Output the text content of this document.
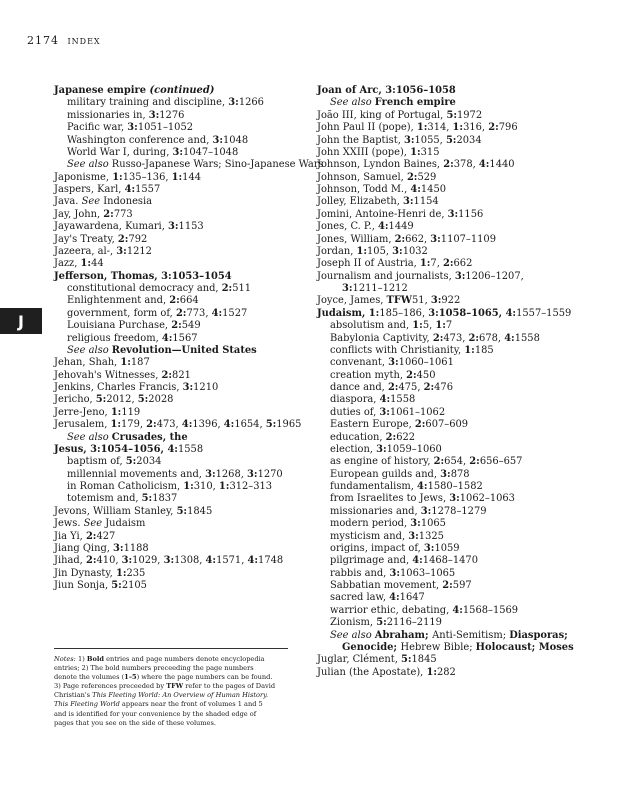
2174 INDEX
J
Japanese empire (continued)
military training and discipline, 3:1266
missionaries in, 3:1276
Pacific war, 3:1051–1052
Washington conference and, 3:1048
World War I, during, 3:1047–1048
See also Russo-Japanese Wars; Sino-Japanese Wars
Japonisme, 1:135–136, 1:144
Jaspers, Karl, 4:1557
Java. See Indonesia
Jay, John, 2:773
Jayawardena, Kumari, 3:1153
Jay's Treaty, 2:792
Jazeera, al-, 3:1212
Jazz, 1:44
Jefferson, Thomas, 3:1053–1054
constitutional democracy and, 2:511
Enlightenment and, 2:664
government, form of, 2:773, 4:1527
Louisiana Purchase, 2:549
religious freedom, 4:1567
See also Revolution—United States
Jehan, Shah, 1:187
Jehovah's Witnesses, 2:821
Jenkins, Charles Francis, 3:1210
Jericho, 5:2012, 5:2028
Jerre-Jeno, 1:119
Jerusalem, 1:179, 2:473, 4:1396, 4:1654, 5:1965
See also Crusades, the
Jesus, 3:1054–1056, 4:1558
baptism of, 5:2034
millennial movements and, 3:1268, 3:1270
in Roman Catholicism, 1:310, 1:312–313
totemism and, 5:1837
Jevons, William Stanley, 5:1845
Jews. See Judaism
Jia Yi, 2:427
Jiang Qing, 3:1188
Jihad, 2:410, 3:1029, 3:1308, 4:1571, 4:1748
Jin Dynasty, 1:235
Jiun Sonja, 5:2105
Joan of Arc, 3:1056–1058
See also French empire
João III, king of Portugal, 5:1972
John Paul II (pope), 1:314, 1:316, 2:796
John the Baptist, 3:1055, 5:2034
John XXIII (pope), 1:315
Johnson, Lyndon Baines, 2:378, 4:1440
Johnson, Samuel, 2:529
Johnson, Todd M., 4:1450
Jolley, Elizabeth, 3:1154
Jomini, Antoine-Henri de, 3:1156
Jones, C. P., 4:1449
Jones, William, 2:662, 3:1107–1109
Jordan, 1:105, 3:1032
Joseph II of Austria, 1:7, 2:662
Journalism and journalists, 3:1206–1207,
3:1211–1212
Joyce, James, TFW51, 3:922
Judaism, 1:185–186, 3:1058–1065, 4:1557–1559
absolutism and, 1:5, 1:7
Babylonia Captivity, 2:473, 2:678, 4:1558
conflicts with Christianity, 1:185
convenant, 3:1060–1061
creation myth, 2:450
dance and, 2:475, 2:476
diaspora, 4:1558
duties of, 3:1061–1062
Eastern Europe, 2:607–609
education, 2:622
election, 3:1059–1060
as engine of history, 2:654, 2:656–657
European guilds and, 3:878
fundamentalism, 4:1580–1582
from Israelites to Jews, 3:1062–1063
missionaries and, 3:1278–1279
modern period, 3:1065
mysticism and, 3:1325
origins, impact of, 3:1059
pilgrimage and, 4:1468–1470
rabbis and, 3:1063–1065
Sabbatian movement, 2:597
sacred law, 4:1647
warrior ethic, debating, 4:1568–1569
Zionism, 5:2116–2119
See also Abraham; Anti-Semitism; Diasporas;
Genocide; Hebrew Bible; Holocaust; Moses
Juglar, Clément, 5:1845
Julian (the Apostate), 1:282
Notes: 1) Bold entries and page numbers denote encyclopedia
entries; 2) The bold numbers preceeding the page numbers
denote the volumes (1–5) where the page numbers can be found.
3) Page references preceeded by TFW refer to the pages of David
Christian's This Fleeting World: An Overview of Human History.
This Fleeting World appears near the front of volumes 1 and 5
and is identified for your convenience by the shaded edge of
pages that you see on the side of these volumes.
